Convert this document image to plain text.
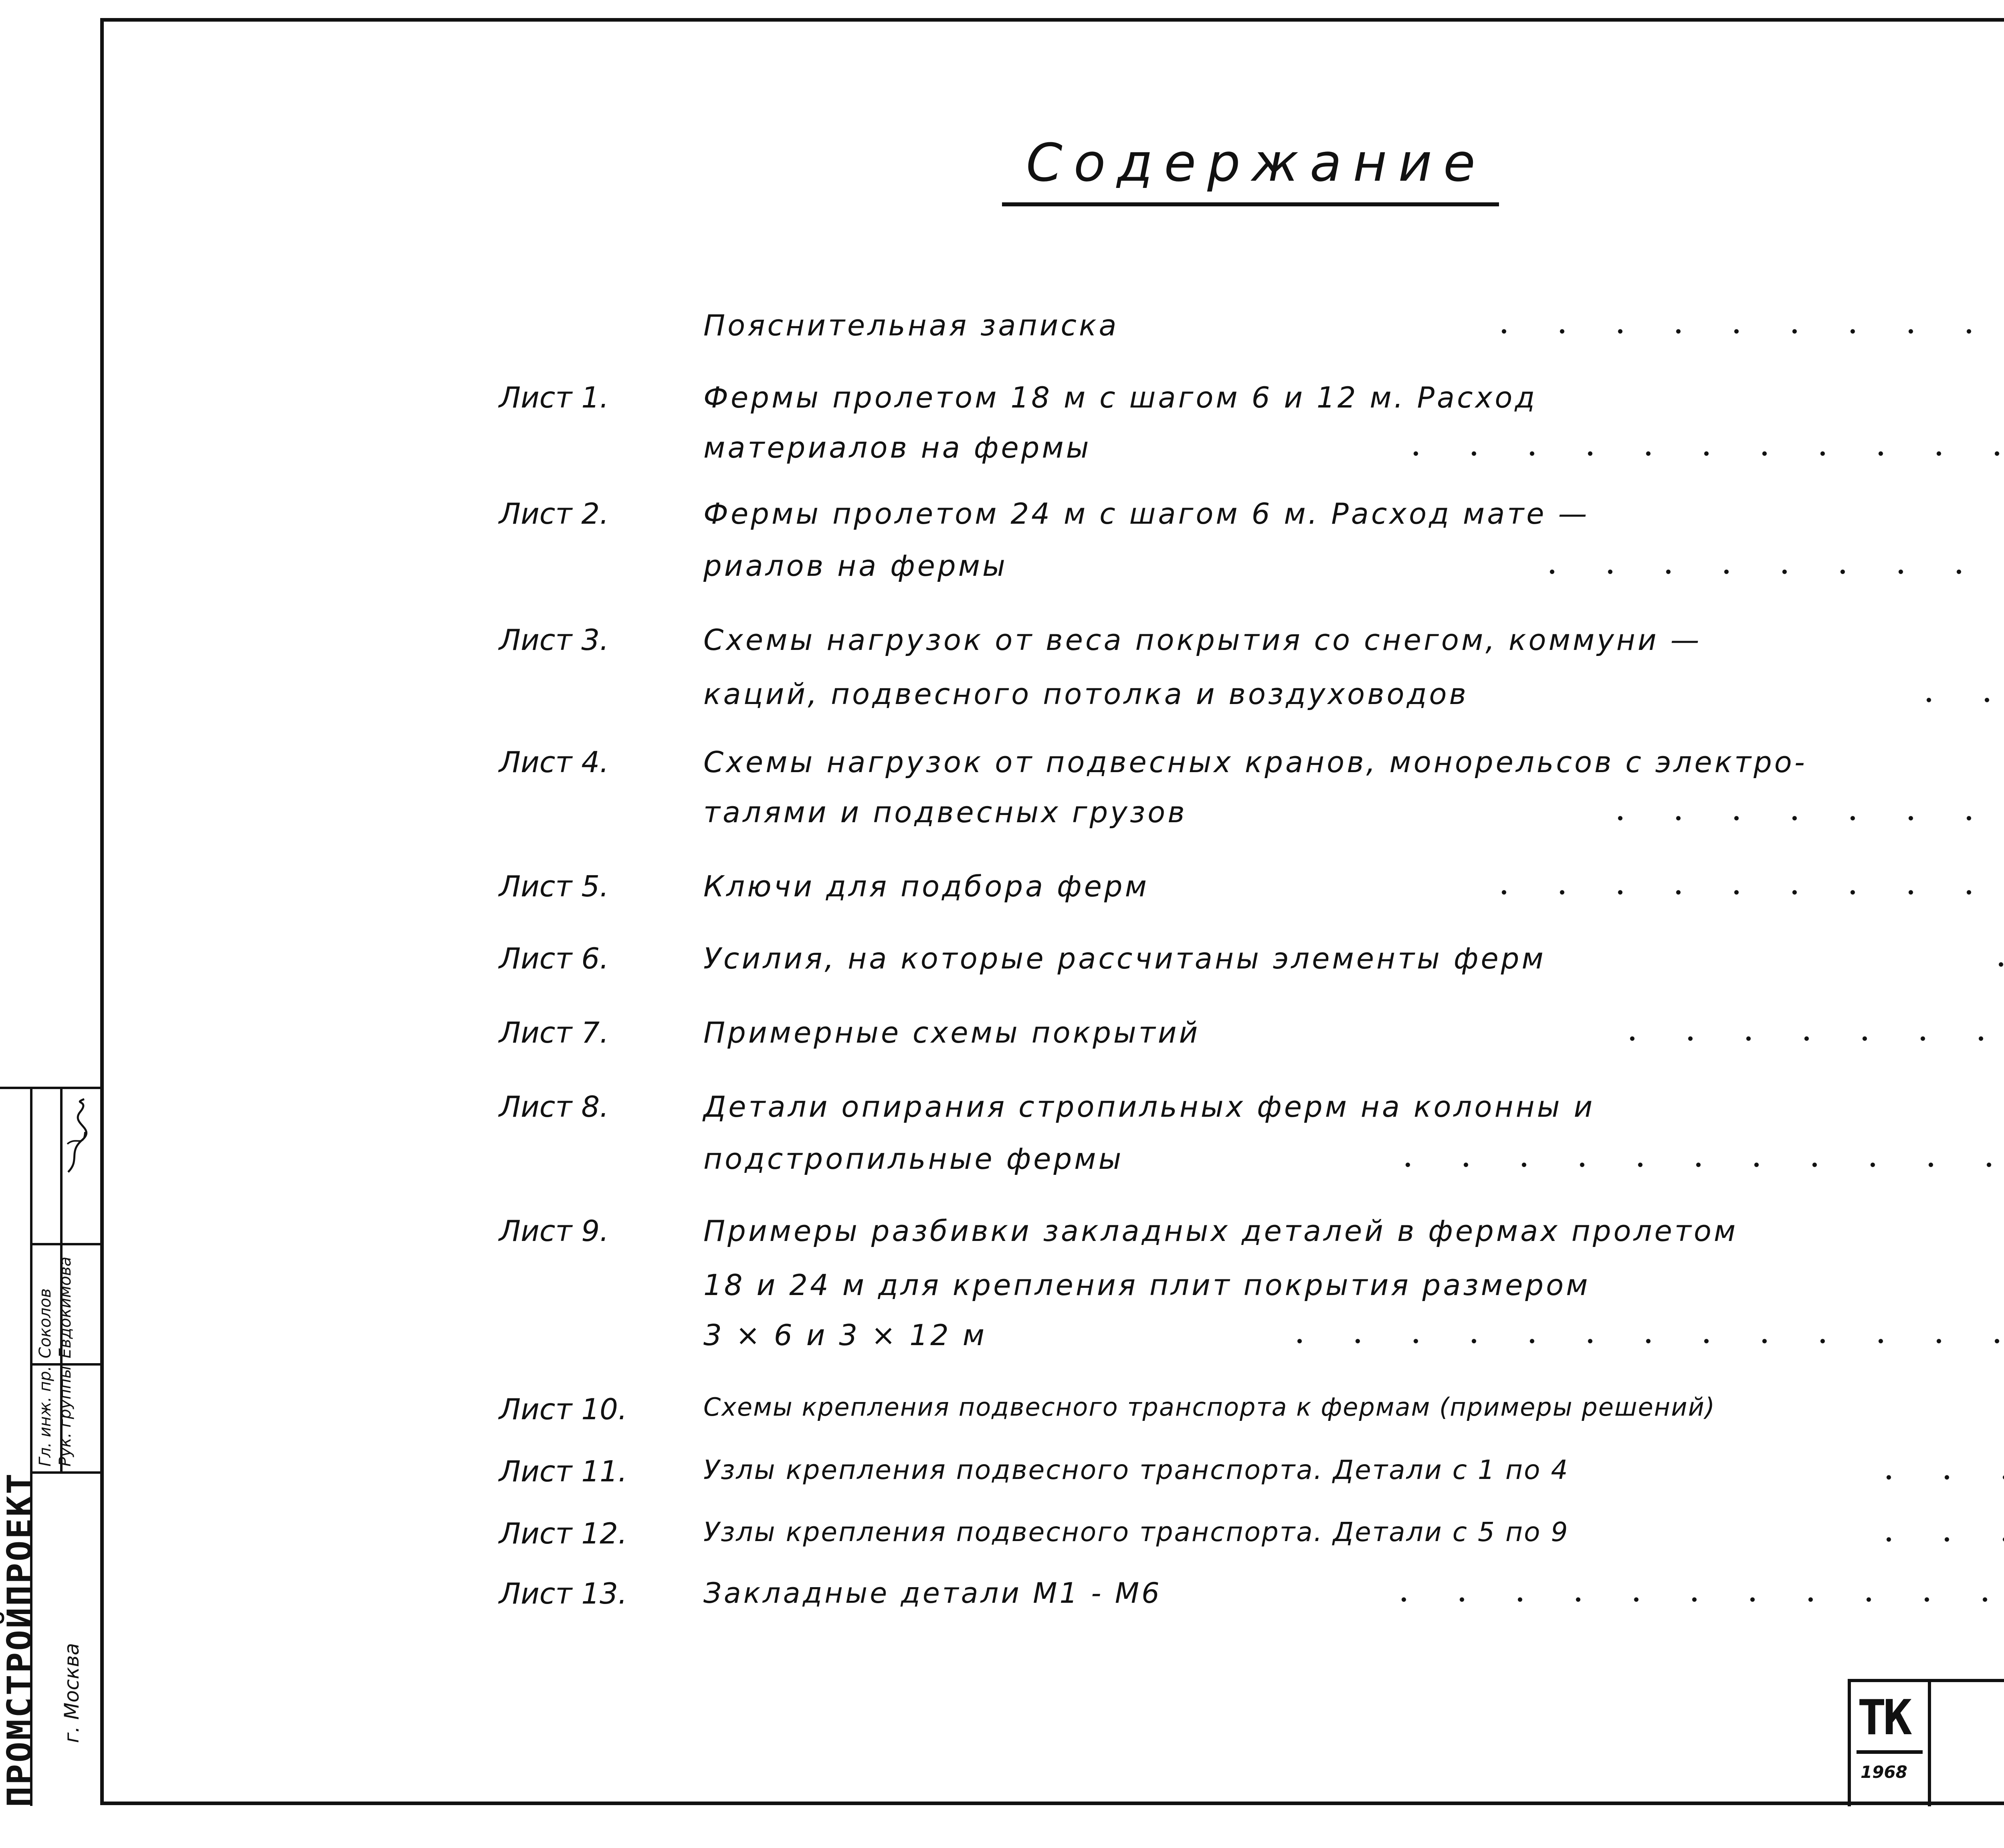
Содержание
Пояснительная записка
Лист 1.	Фермы пролетом 18 м с шагом 6 и 12 м. Расход
материалов на фермы
Лист 2.	Фермы пролетом 24 м с шагом 6 м. Расход мате —
риалов на фермы
Лист 3.	Схемы нагрузок от веса покрытия со снегом, коммуни —
каций, подвесного потолка и воздуховодов
Лист 4.	Схемы нагрузок от подвесных кранов, монорельсов с электро-
талями и подвесных грузов
Лист 5.	Ключи для подбора ферм
Лист 6.	Усилия, на которые рассчитаны элементы ферм
Лист 7.	Примерные схемы покрытий
Лист 8.	Детали опирания стропильных ферм на колонны и
подстропильные фермы
Лист 9.	Примеры разбивки закладных деталей в фермах пролетом
18 и 24 м для крепления плит покрытия размером
3 × 6 и 3 × 12 м
Лист 10.	Схемы крепления подвесного транспорта к фермам (примеры решений)
Лист 11.	Узлы крепления подвесного транспорта. Детали с 1 по 4
Лист 12.	Узлы крепления подвесного транспорта. Детали с 5 по 9
Лист 13.	Закладные детали М1 - М6
ПРОМСТРОЙПРОЕКТ г. Москва
Гл. инж. пр. Рук. группы
Соколов Евдокимова
ТК
1968
